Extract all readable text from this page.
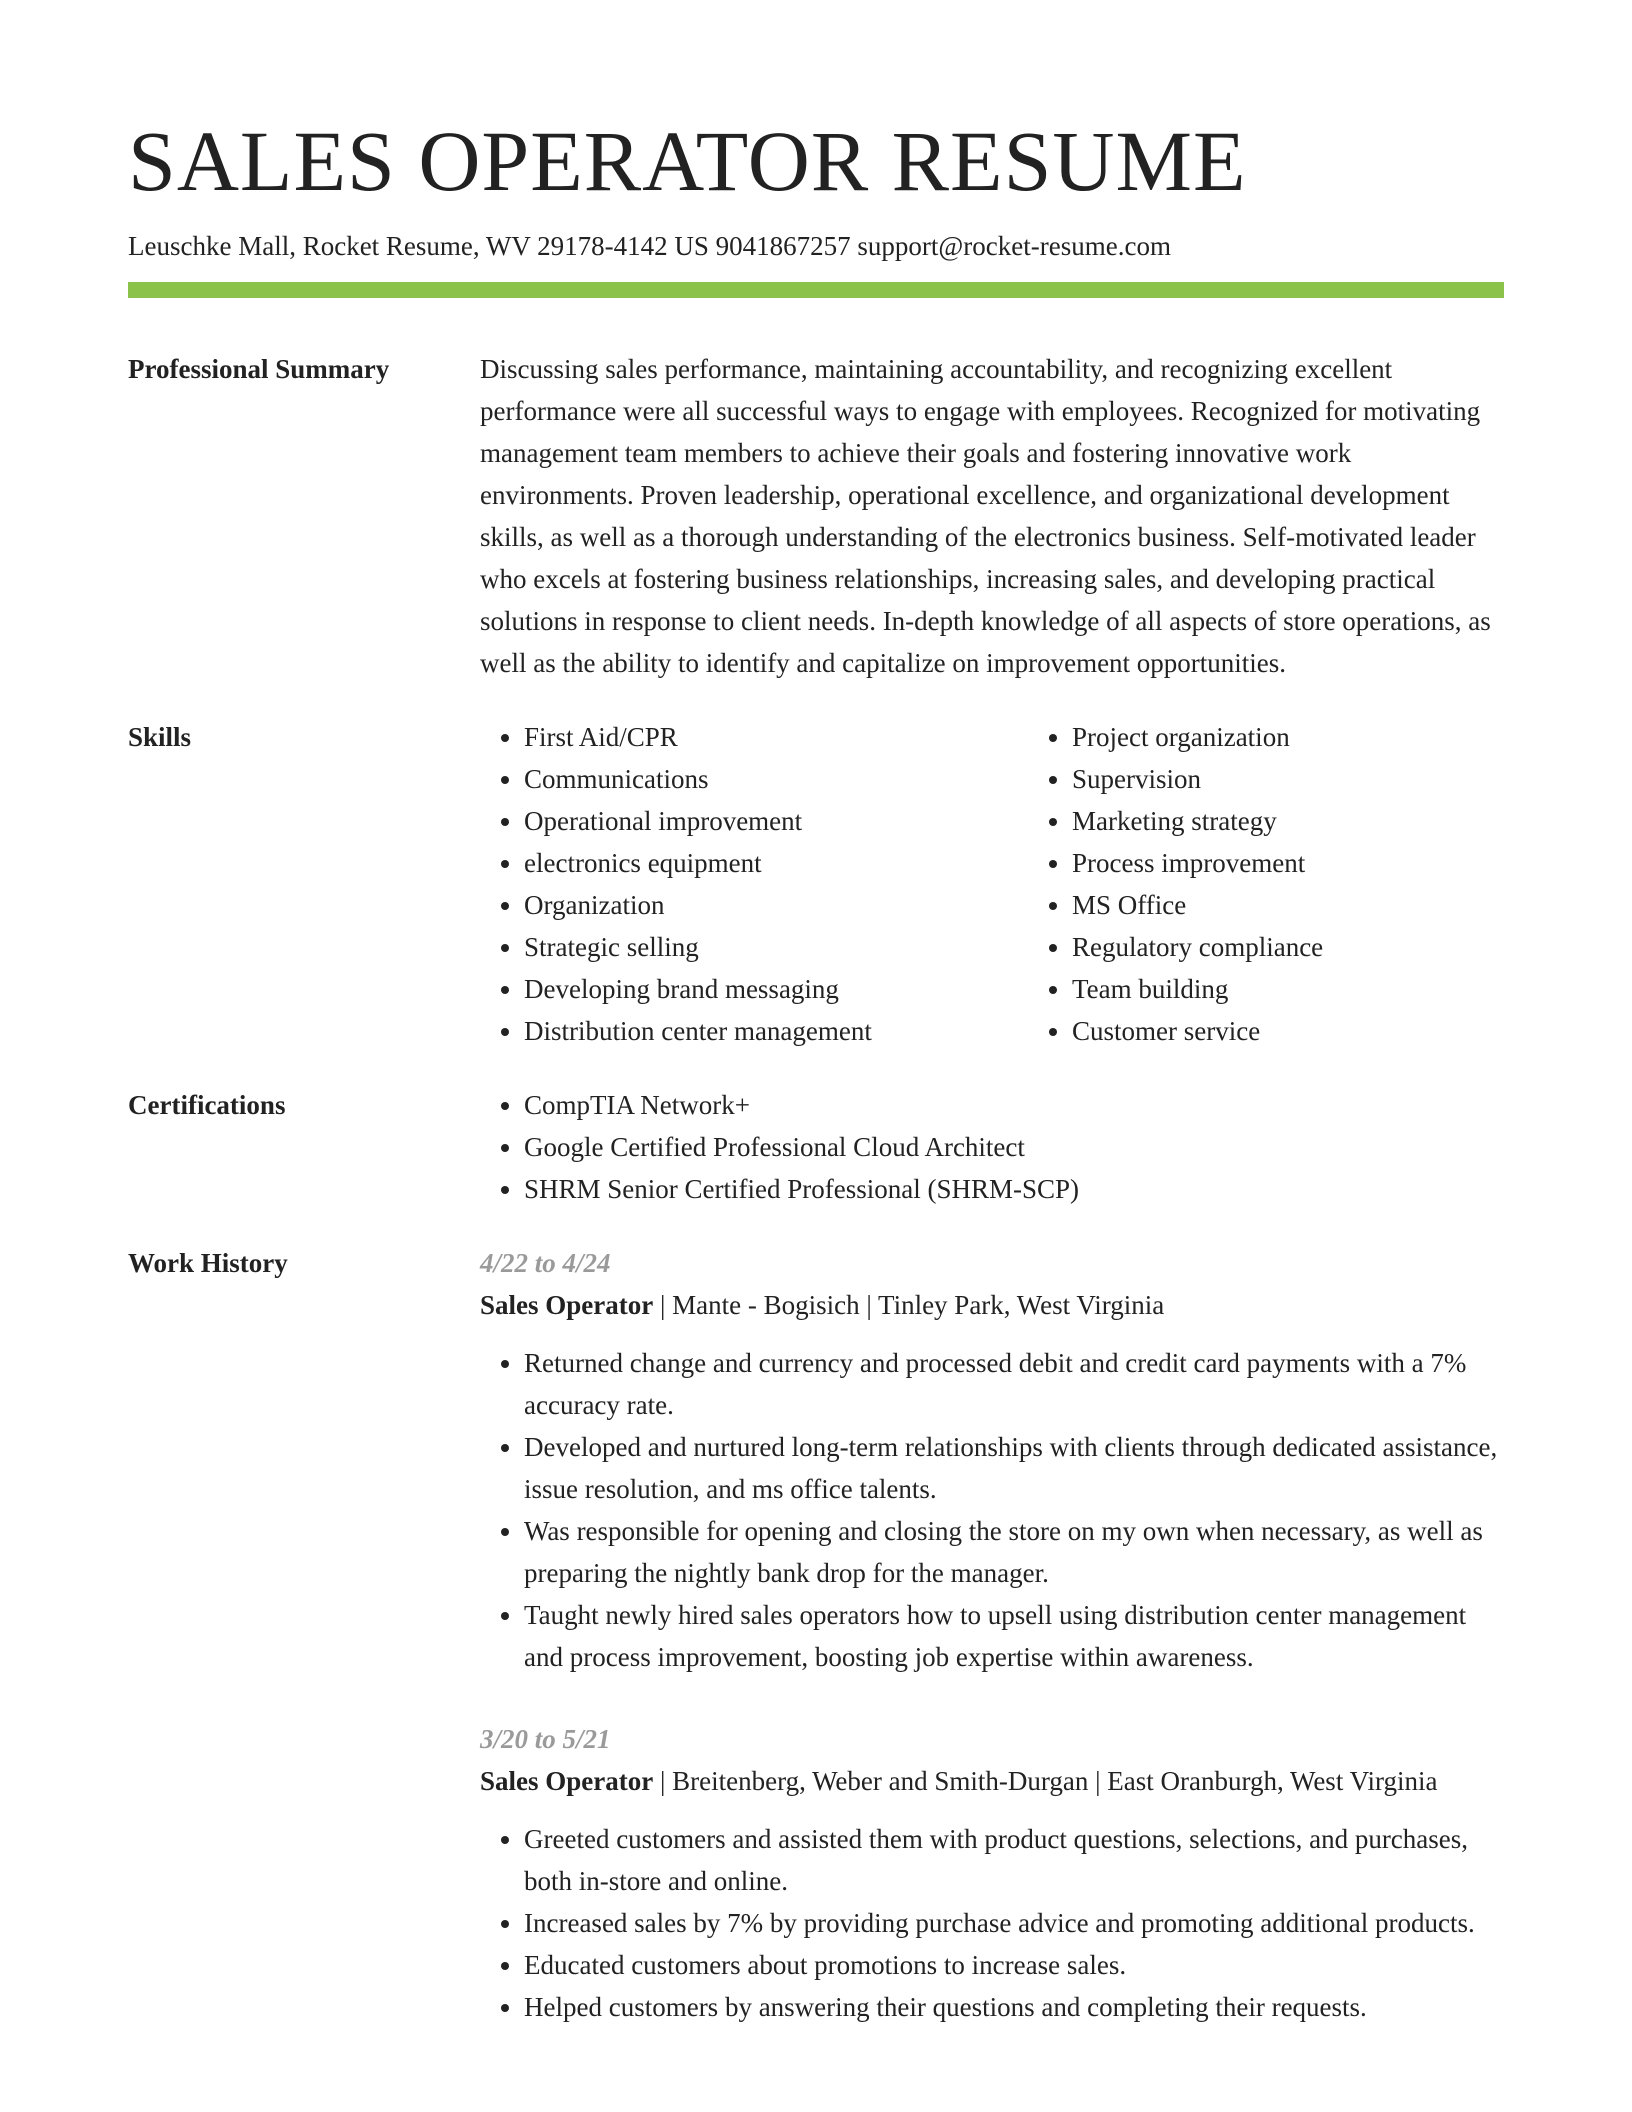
SALES OPERATOR RESUME
Leuschke Mall, Rocket Resume, WV 29178-4142 US 9041867257 support@rocket-resume.com
Professional Summary	Discussing sales performance, maintaining accountability, and recognizing excellent performance were all successful ways to engage with employees. Recognized for motivating management team members to achieve their goals and fostering innovative work environments. Proven leadership, operational excellence, and organizational development skills, as well as a thorough understanding of the electronics business. Self-motivated leader who excels at fostering business relationships, increasing sales, and developing practical solutions in response to client needs. In-depth knowledge of all aspects of store operations, as well as the ability to identify and capitalize on improvement opportunities.
Skills	• First Aid/CPR
• Communications
• Operational improvement
• electronics equipment
• Organization
• Strategic selling
• Developing brand messaging
• Distribution center management
• Project organization
• Supervision
• Marketing strategy
• Process improvement
• MS Office
• Regulatory compliance
• Team building
• Customer service
Certifications	• CompTIA Network+
• Google Certified Professional Cloud Architect
• SHRM Senior Certified Professional (SHRM-SCP)
Work History	4/22 to 4/24
Sales Operator | Mante - Bogisich | Tinley Park, West Virginia
• Returned change and currency and processed debit and credit card payments with a 7% accuracy rate.
• Developed and nurtured long-term relationships with clients through dedicated assistance, issue resolution, and ms office talents.
• Was responsible for opening and closing the store on my own when necessary, as well as preparing the nightly bank drop for the manager.
• Taught newly hired sales operators how to upsell using distribution center management and process improvement, boosting job expertise within awareness.
3/20 to 5/21
Sales Operator | Breitenberg, Weber and Smith-Durgan | East Oranburgh, West Virginia
• Greeted customers and assisted them with product questions, selections, and purchases, both in-store and online.
• Increased sales by 7% by providing purchase advice and promoting additional products.
• Educated customers about promotions to increase sales.
• Helped customers by answering their questions and completing their requests.
